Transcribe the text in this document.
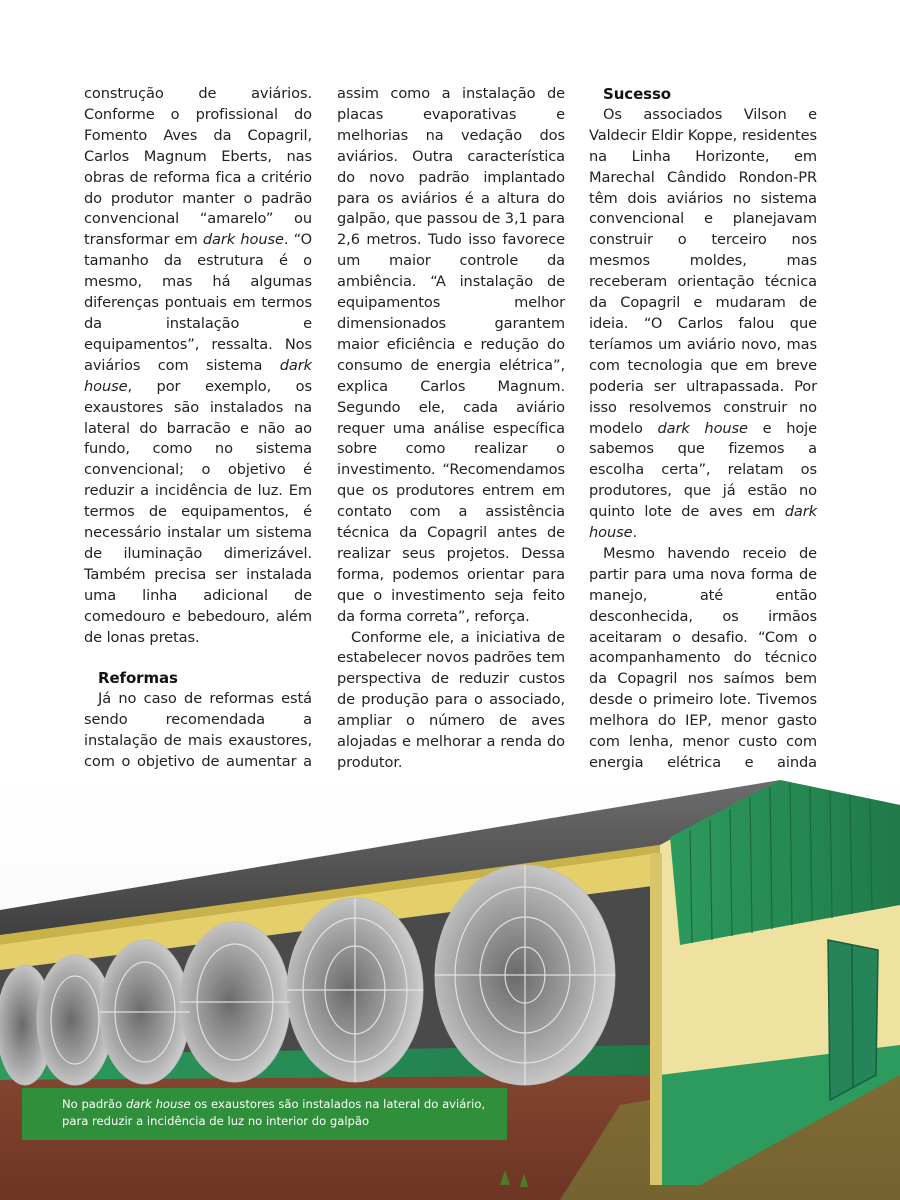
construção de aviários. Conforme o profissional do Fomento Aves da Copagril, Carlos Magnum Eberts, nas obras de reforma fica a critério do produtor manter o padrão convencional “amarelo” ou transformar em dark house. “O tamanho da estrutura é o mesmo, mas há algumas diferenças pontuais em termos da instalação e equipamentos”, ressalta. Nos aviários com sistema dark house, por exemplo, os exaustores são instalados na lateral do barracão e não ao fundo, como no sistema convencional; o objetivo é reduzir a incidência de luz. Em termos de equipamentos, é necessário instalar um sistema de iluminação dimerizável. Também precisa ser instalada uma linha adicional de comedouro e bebedouro, além de lonas pretas.

Reformas

Já no caso de reformas está sendo recomendada a instalação de mais exaustores, com o objetivo de aumentar a

assim como a instalação de placas evaporativas e melhorias na vedação dos aviários. Outra característica do novo padrão implantado para os aviários é a altura do galpão, que passou de 3,1 para 2,6 metros. Tudo isso favorece um maior controle da ambiência. “A instalação de equipamentos melhor dimensionados garantem maior eficiência e redução do consumo de energia elétrica”, explica Carlos Magnum. Segundo ele, cada aviário requer uma análise específica sobre como realizar o investimento. “Recomendamos que os produtores entrem em contato com a assistência técnica da Copagril antes de realizar seus projetos. Dessa forma, podemos orientar para que o investimento seja feito da forma correta”, reforça.

Conforme ele, a iniciativa de estabelecer novos padrões tem perspectiva de reduzir custos de produção para o associado, ampliar o número de aves alojadas e melhorar a renda do produtor.

Sucesso

Os associados Vilson e Valdecir Eldir Koppe, residentes na Linha Horizonte, em Marechal Cândido Rondon-PR têm dois aviários no sistema convencional e planejavam construir o terceiro nos mesmos moldes, mas receberam orientação técnica da Copagril e mudaram de ideia. “O Carlos falou que teríamos um aviário novo, mas com tecnologia que em breve poderia ser ultrapassada. Por isso resolvemos construir no modelo dark house e hoje sabemos que fizemos a escolha certa”, relatam os produtores, que já estão no quinto lote de aves em dark house.

Mesmo havendo receio de partir para uma nova forma de manejo, até então desconhecida, os irmãos aceitaram o desafio. “Com o acompanhamento do técnico da Copagril nos saímos bem desde o primeiro lote. Tivemos melhora do IEP, menor gasto com lenha, menor custo com energia elétrica e ainda

No padrão dark house os exaustores são instalados na lateral do aviário, para reduzir a incidência de luz no interior do galpão
